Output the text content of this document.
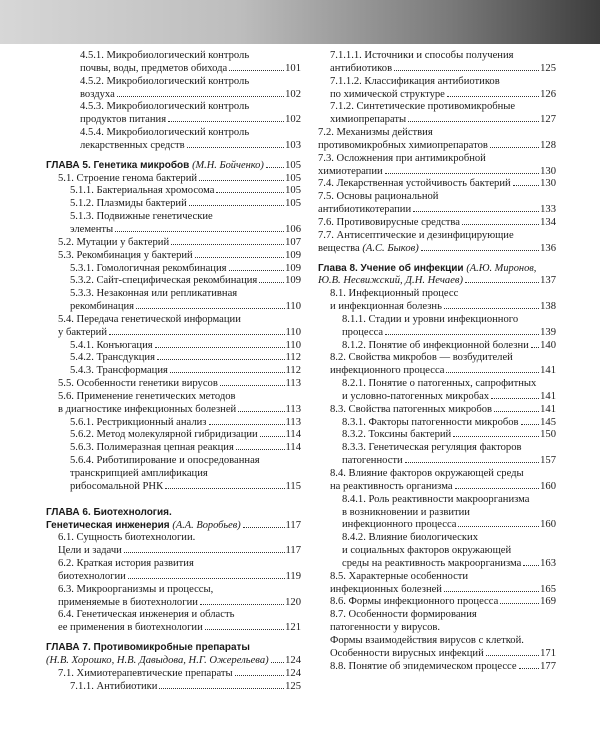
4.5.1. Микробиологический контроль
почвы, воды, предметов обихода	101
4.5.2. Микробиологический контроль
воздуха	102
4.5.3. Микробиологический контроль
продуктов питания	102
4.5.4. Микробиологический контроль
лекарственных средств	103
ГЛАВА 5. Генетика микробов (М.Н. Бойченко) 105
5.1. Строение генома бактерий	105
5.1.1. Бактериальная хромосома	105
5.1.2. Плазмиды бактерий	105
5.1.3. Подвижные генетические
элементы	106
5.2. Мутации у бактерий	107
5.3. Рекомбинация у бактерий	109
5.3.1. Гомологичная рекомбинация	109
5.3.2. Сайт-специфическая рекомбинация	109
5.3.3. Незаконная или репликативная
рекомбинация	110
5.4. Передача генетической информации
у бактерий	110
5.4.1. Конъюгация	110
5.4.2. Трансдукция	112
5.4.3. Трансформация	112
5.5. Особенности генетики вирусов	113
5.6. Применение генетических методов
в диагностике инфекционных болезней	113
5.6.1. Рестрикционный анализ	113
5.6.2. Метод молекулярной гибридизации	114
5.6.3. Полимеразная цепная реакция	114
5.6.4. Риботипирование и опосредованная
транскрипцией амплификация
рибосомальной РНК	115
ГЛАВА 6. Биотехнология.
Генетическая инженерия (А.А. Воробьев)	117
6.1. Сущность биотехнологии.
Цели и задачи	117
6.2. Краткая история развития
биотехнологии	119
6.3. Микроорганизмы и процессы,
применяемые в биотехнологии	120
6.4. Генетическая инженерия и область
ее применения в биотехнологии	121
ГЛАВА 7. Противомикробные препараты
(Н.В. Хорошко, Н.В. Давыдова, Н.Г. Ожерельева) 124
7.1. Химиотерапевтические препараты	124
7.1.1. Антибиотики	125
7.1.1.1. Источники и способы получения
антибиотиков	125
7.1.1.2. Классификация антибиотиков
по химической структуре	126
7.1.2. Синтетические противомикробные
химиопрепараты	127
7.2. Механизмы действия
противомикробных химиопрепаратов	128
7.3. Осложнения при антимикробной
химиотерапии	130
7.4. Лекарственная устойчивость бактерий	130
7.5. Основы рациональной
антибиотикотерапии	133
7.6. Противовирусные средства	134
7.7. Антисептические и дезинфицирующие
вещества (А.С. Быков)	136
Глава 8. Учение об инфекции (А.Ю. Миронов,
Ю.В. Несвижский, Д.Н. Нечаев)	137
8.1. Инфекционный процесс
и инфекционная болезнь	138
8.1.1. Стадии и уровни инфекционного
процесса	139
8.1.2. Понятие об инфекционной болезни 140
8.2. Свойства микробов — возбудителей
инфекционного процесса	141
8.2.1. Понятие о патогенных, сапрофитных
и условно-патогенных микробах	141
8.3. Свойства патогенных микробов	141
8.3.1. Факторы патогенности микробов 145
8.3.2. Токсины бактерий	150
8.3.3. Генетическая регуляция факторов
патогенности	157
8.4. Влияние факторов окружающей среды
на реактивность организма	160
8.4.1. Роль реактивности макроорганизма
в возникновении и развитии
инфекционного процесса	160
8.4.2. Влияние биологических
и социальных факторов окружающей
среды на реактивность макроорганизма 163
8.5. Характерные особенности
инфекционных болезней	165
8.6. Формы инфекционного процесса	169
8.7. Особенности формирования
патогенности у вирусов.
Формы взаимодействия вирусов с клеткой.
Особенности вирусных инфекций	171
8.8. Понятие об эпидемическом процессе 177
